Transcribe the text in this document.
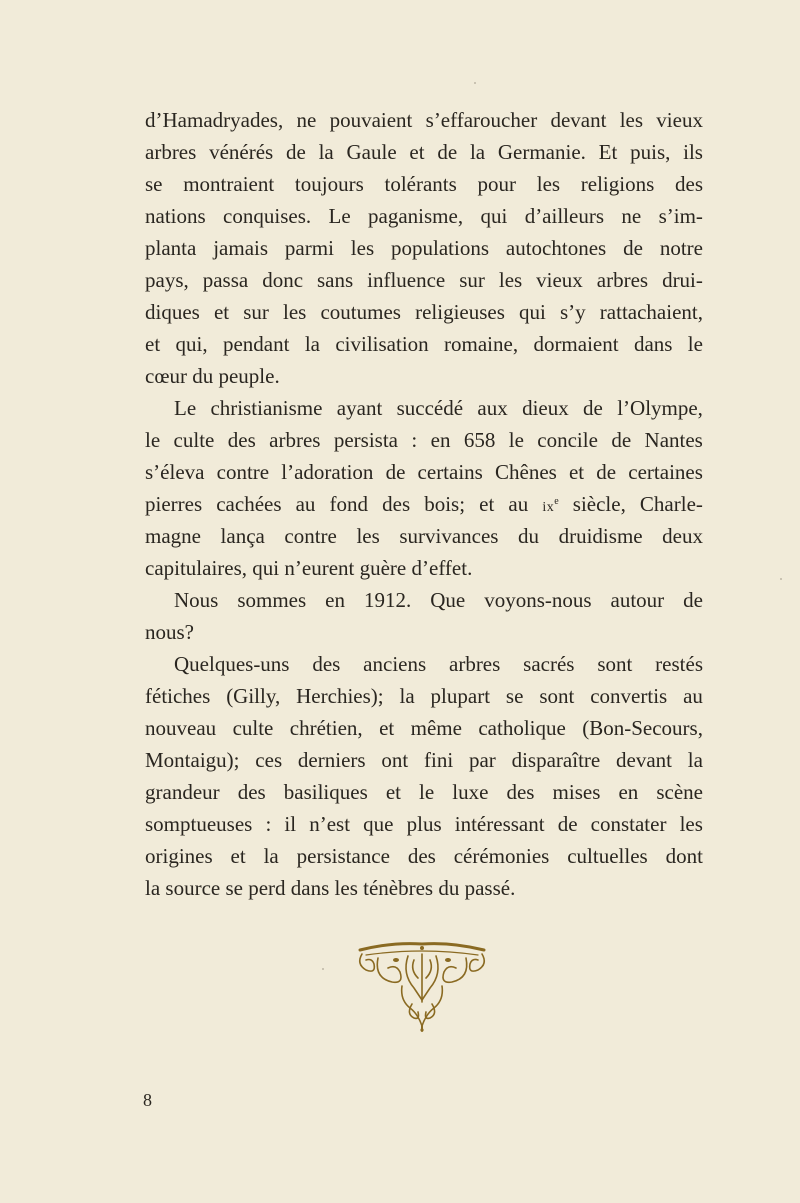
d’Hamadryades, ne pouvaient s’effaroucher devant les vieux
arbres vénérés de la Gaule et de la Germanie. Et puis, ils
se montraient toujours tolérants pour les religions des
nations conquises. Le paganisme, qui d’ailleurs ne s’im-
planta jamais parmi les populations autochtones de notre
pays, passa donc sans influence sur les vieux arbres drui-
diques et sur les coutumes religieuses qui s’y rattachaient,
et qui, pendant la civilisation romaine, dormaient dans le
cœur
du
peuple.

Le christianisme ayant succédé aux dieux de l’Olympe,
le culte des arbres persista : en 658 le concile de Nantes
s’éleva contre l’adoration de certains Chênes et de certaines
pierres cachées au fond des bois; et au $ix^e$ siècle, Charle-
magne lança contre les survivances du druidisme deux
capitulaires,
qui
n’eurent
guère
d’effet.

Nous sommes en 1912. Que voyons-nous autour de
nous?

Quelques-uns des anciens arbres sacrés sont restés
fétiches (Gilly, Herchies); la plupart se sont convertis au
nouveau culte chrétien, et même catholique (Bon-Secours,
Montaigu); ces derniers ont fini par disparaître devant la
grandeur des basiliques et le luxe des mises en scène
somptueuses : il n’est que plus intéressant de constater les
origines et la persistance des cérémonies cultuelles dont
la
source
se
perd
dans
les
ténèbres
du
passé.

8
